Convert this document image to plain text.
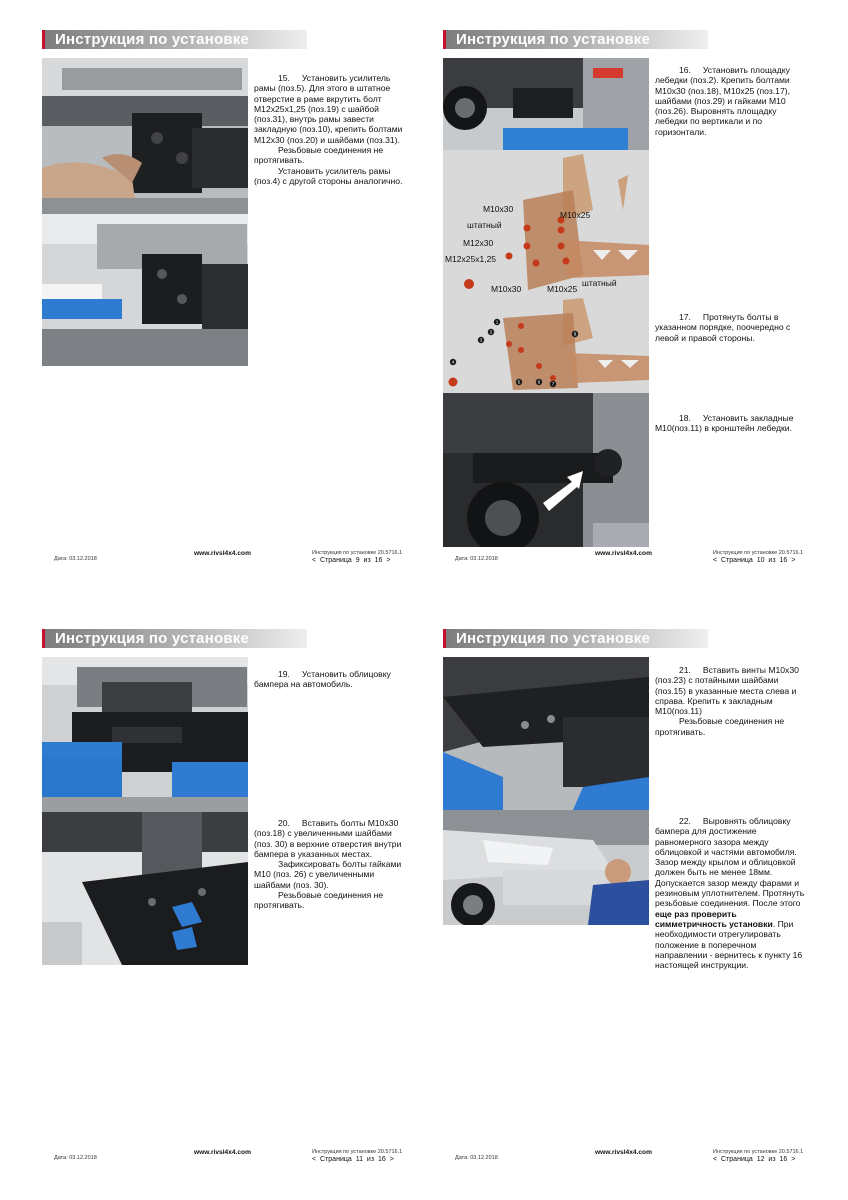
Инструкция по установке

15. Установить усилитель рамы (поз.5). Для этого в штатное отверстие в раме вкрутить болт М12х25х1,25 (поз.19) с шайбой (поз.31), внутрь рамы завести закладную (поз.10), крепить болтами М12х30 (поз.20) и шайбами (поз.31).

Резьбовые соединения не протягивать.

Установить усилитель рамы (поз.4) с другой стороны аналогично.

Дата: 03.12.2018
www.rivsl4x4.com	Инструкция по установке 20.5716.1
< Страница 9 из 16 >
Инструкция по установке
М10х30
М10х25
штатный
М12х30
М12х25х1,25
М10х30	М10х25
штатный
1
2
3
4
5	6	7
8

16. Установить площадку лебедки (поз.2). Крепить болтами М10х30 (поз.18), М10х25 (поз.17), шайбами (поз.29) и гайками М10 (поз.26). Выровнять площадку лебедки по вертикали и по горизонтали.

17. Протянуть болты в указанном порядке, поочередно с левой и правой стороны.

18. Установить закладные М10(поз.11) в кронштейн лебедки.

Дата: 03.12.2018
www.rivsl4x4.com	Инструкция по установке 20.5716.1
< Страница 10 из 16 >
Инструкция по установке

19. Установить облицовку бампера на автомобиль.

20. Вставить болты М10х30 (поз.18) с увеличенными шайбами (поз. 30) в верхние отверстия внутри бампера в указанных местах.

Зафиксировать болты гайками М10 (поз. 26) с увеличенными шайбами (поз. 30).

Резьбовые соединения не протягивать.

Дата: 03.12.2018
www.rivsl4x4.com	Инструкция по установке 20.5716.1
< Страница 11 из 16 >
Инструкция по установке

21. Вставить винты М10х30 (поз.23) с потайными шайбами (поз.15) в указанные места слева и справа. Крепить к закладным М10(поз.11)

Резьбовые соединения не протягивать.

22. Выровнять облицовку бампера для достижение равномерного зазора между облицовкой и частями автомобиля. Зазор между крылом и облицовкой должен быть не менее 18мм. Допускается зазор между фарами и резиновым уплотнителем. Протянуть резьбовые соединения. После этого еще раз проверить симметричность установки. При необходимости отрегулировать положение в поперечном направлении - вернитесь к пункту 16 настоящей инструкции.

Дата: 03.12.2018
www.rivsl4x4.com	Инструкция по установке 20.5716.1
< Страница 12 из 16 >
